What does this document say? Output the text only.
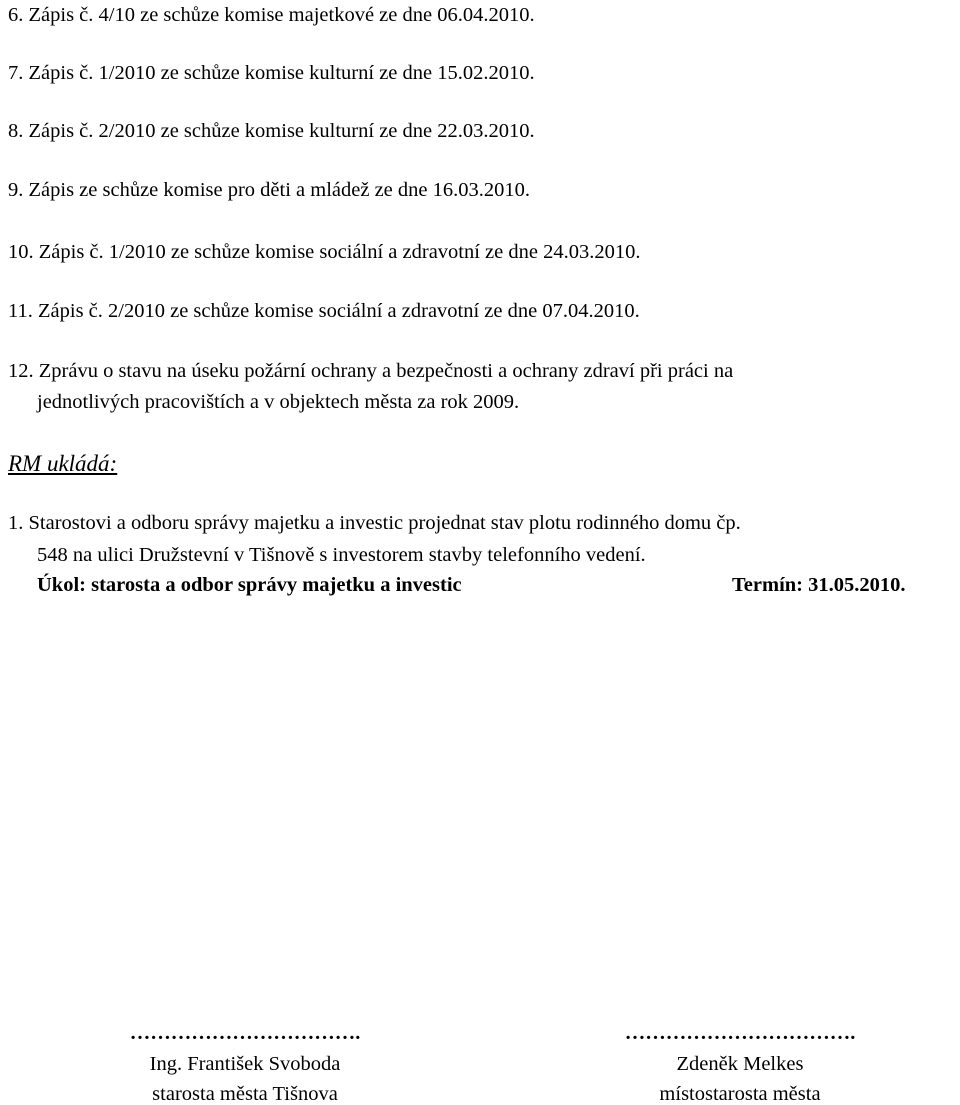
6. Zápis č. 4/10 ze schůze komise majetkové ze dne 06.04.2010.
7. Zápis č. 1/2010 ze schůze komise kulturní ze dne 15.02.2010.
8. Zápis č. 2/2010 ze schůze komise kulturní ze dne 22.03.2010.
9. Zápis ze schůze komise pro děti a mládež ze dne 16.03.2010.
10. Zápis č. 1/2010 ze schůze komise sociální a zdravotní ze dne 24.03.2010.
11. Zápis č. 2/2010 ze schůze komise sociální a zdravotní ze dne 07.04.2010.
12. Zprávu o stavu na úseku požární ochrany a bezpečnosti a ochrany zdraví při práci na
jednotlivých pracovištích a v objektech města za rok 2009.
RM ukládá:
1. Starostovi a odboru správy majetku a investic projednat stav plotu rodinného domu čp.
548 na ulici Družstevní v Tišnově s investorem stavby telefonního vedení.
Úkol: starosta a odbor správy majetku a investic	Termín: 31.05.2010.
…………………………….
Ing. František Svoboda
starosta města Tišnova
…………………………….
Zdeněk Melkes
místostarosta města
